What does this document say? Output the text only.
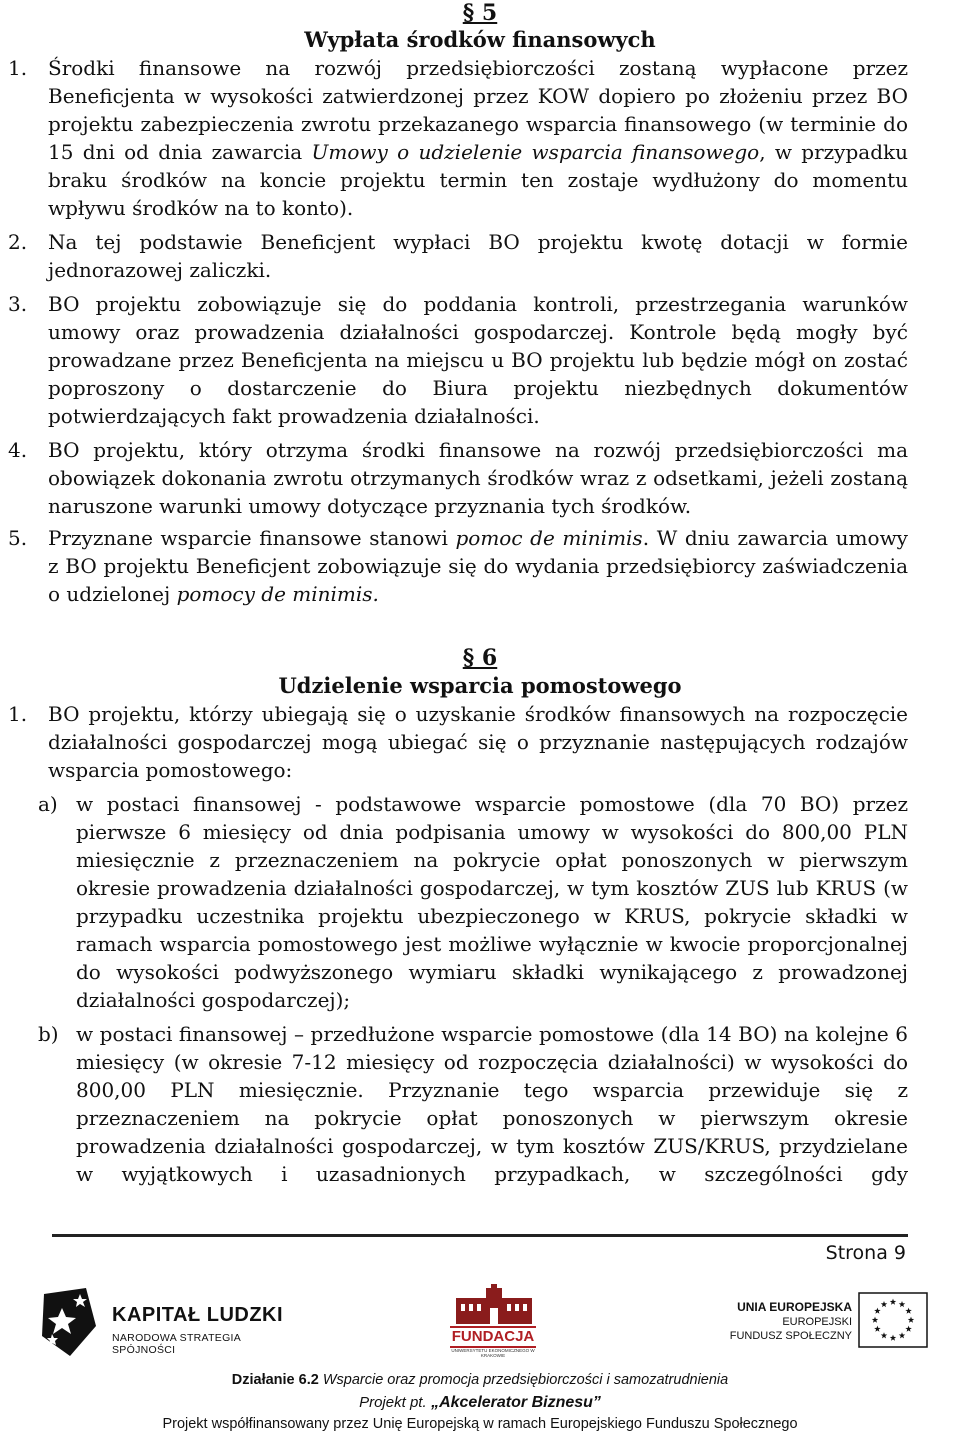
§ 5

Wypłata środków finansowych

1.	Środki finansowe na rozwój przedsiębiorczości zostaną wypłacone przez Beneficjenta w wysokości zatwierdzonej przez KOW dopiero po złożeniu przez BO projektu zabezpieczenia zwrotu przekazanego wsparcia finansowego (w terminie do 15 dni od dnia zawarcia Umowy o udzielenie wsparcia finansowego, w przypadku braku środków na koncie projektu termin ten zostaje wydłużony do momentu wpływu środków na to konto).
2.	Na tej podstawie Beneficjent wypłaci BO projektu kwotę dotacji w formie jednorazowej zaliczki.
3.	BO projektu zobowiązuje się do poddania kontroli, przestrzegania warunków umowy oraz prowadzenia działalności gospodarczej. Kontrole będą mogły być prowadzane przez Beneficjenta na miejscu u BO projektu lub będzie mógł on zostać poproszony o dostarczenie do Biura projektu niezbędnych dokumentów potwierdzających fakt prowadzenia działalności.
4.	BO projektu, który otrzyma środki finansowe na rozwój przedsiębiorczości ma obowiązek dokonania zwrotu otrzymanych środków wraz z odsetkami, jeżeli zostaną naruszone warunki umowy dotyczące przyznania tych środków.
5.	Przyznane wsparcie finansowe stanowi pomoc de minimis. W dniu zawarcia umowy z BO projektu Beneficjent zobowiązuje się do wydania przedsiębiorcy zaświadczenia o udzielonej pomocy de minimis.

§ 6

Udzielenie wsparcia pomostowego

1.	BO projektu, którzy ubiegają się o uzyskanie środków finansowych na rozpoczęcie działalności gospodarczej mogą ubiegać się o przyznanie następujących rodzajów wsparcia pomostowego:
a) w postaci finansowej - podstawowe wsparcie pomostowe (dla 70 BO) przez pierwsze 6 miesięcy od dnia podpisania umowy w wysokości do 800,00 PLN miesięcznie z przeznaczeniem na pokrycie opłat ponoszonych w pierwszym okresie prowadzenia działalności gospodarczej, w tym kosztów ZUS lub KRUS (w przypadku uczestnika projektu ubezpieczonego w KRUS, pokrycie składki w ramach wsparcia pomostowego jest możliwe wyłącznie w kwocie proporcjonalnej do wysokości podwyższonego wymiaru składki wynikającego z prowadzonej działalności gospodarczej);
b) w postaci finansowej – przedłużone wsparcie pomostowe (dla 14 BO) na kolejne 6 miesięcy (w okresie 7-12 miesięcy od rozpoczęcia działalności) w wysokości do 800,00 PLN miesięcznie. Przyznanie tego wsparcia przewiduje się z przeznaczeniem na pokrycie opłat ponoszonych w pierwszym okresie prowadzenia działalności gospodarczej, w tym kosztów ZUS/KRUS, przydzielane w wyjątkowych i uzasadnionych przypadkach, w szczególności gdy
Strona 9
KAPITAŁ LUDZKI
NARODOWA STRATEGIA SPÓJNOŚCI
FUNDACJA
UNIWERSYTETU EKONOMICZNEGO W KRAKOWIE
UNIA EUROPEJSKA
EUROPEJSKI
FUNDUSZ SPOŁECZNY
Działanie 6.2 Wsparcie oraz promocja przedsiębiorczości i samozatrudnienia
Projekt pt. „Akcelerator Biznesu”
Projekt współfinansowany przez Unię Europejską w ramach Europejskiego Funduszu Społecznego
